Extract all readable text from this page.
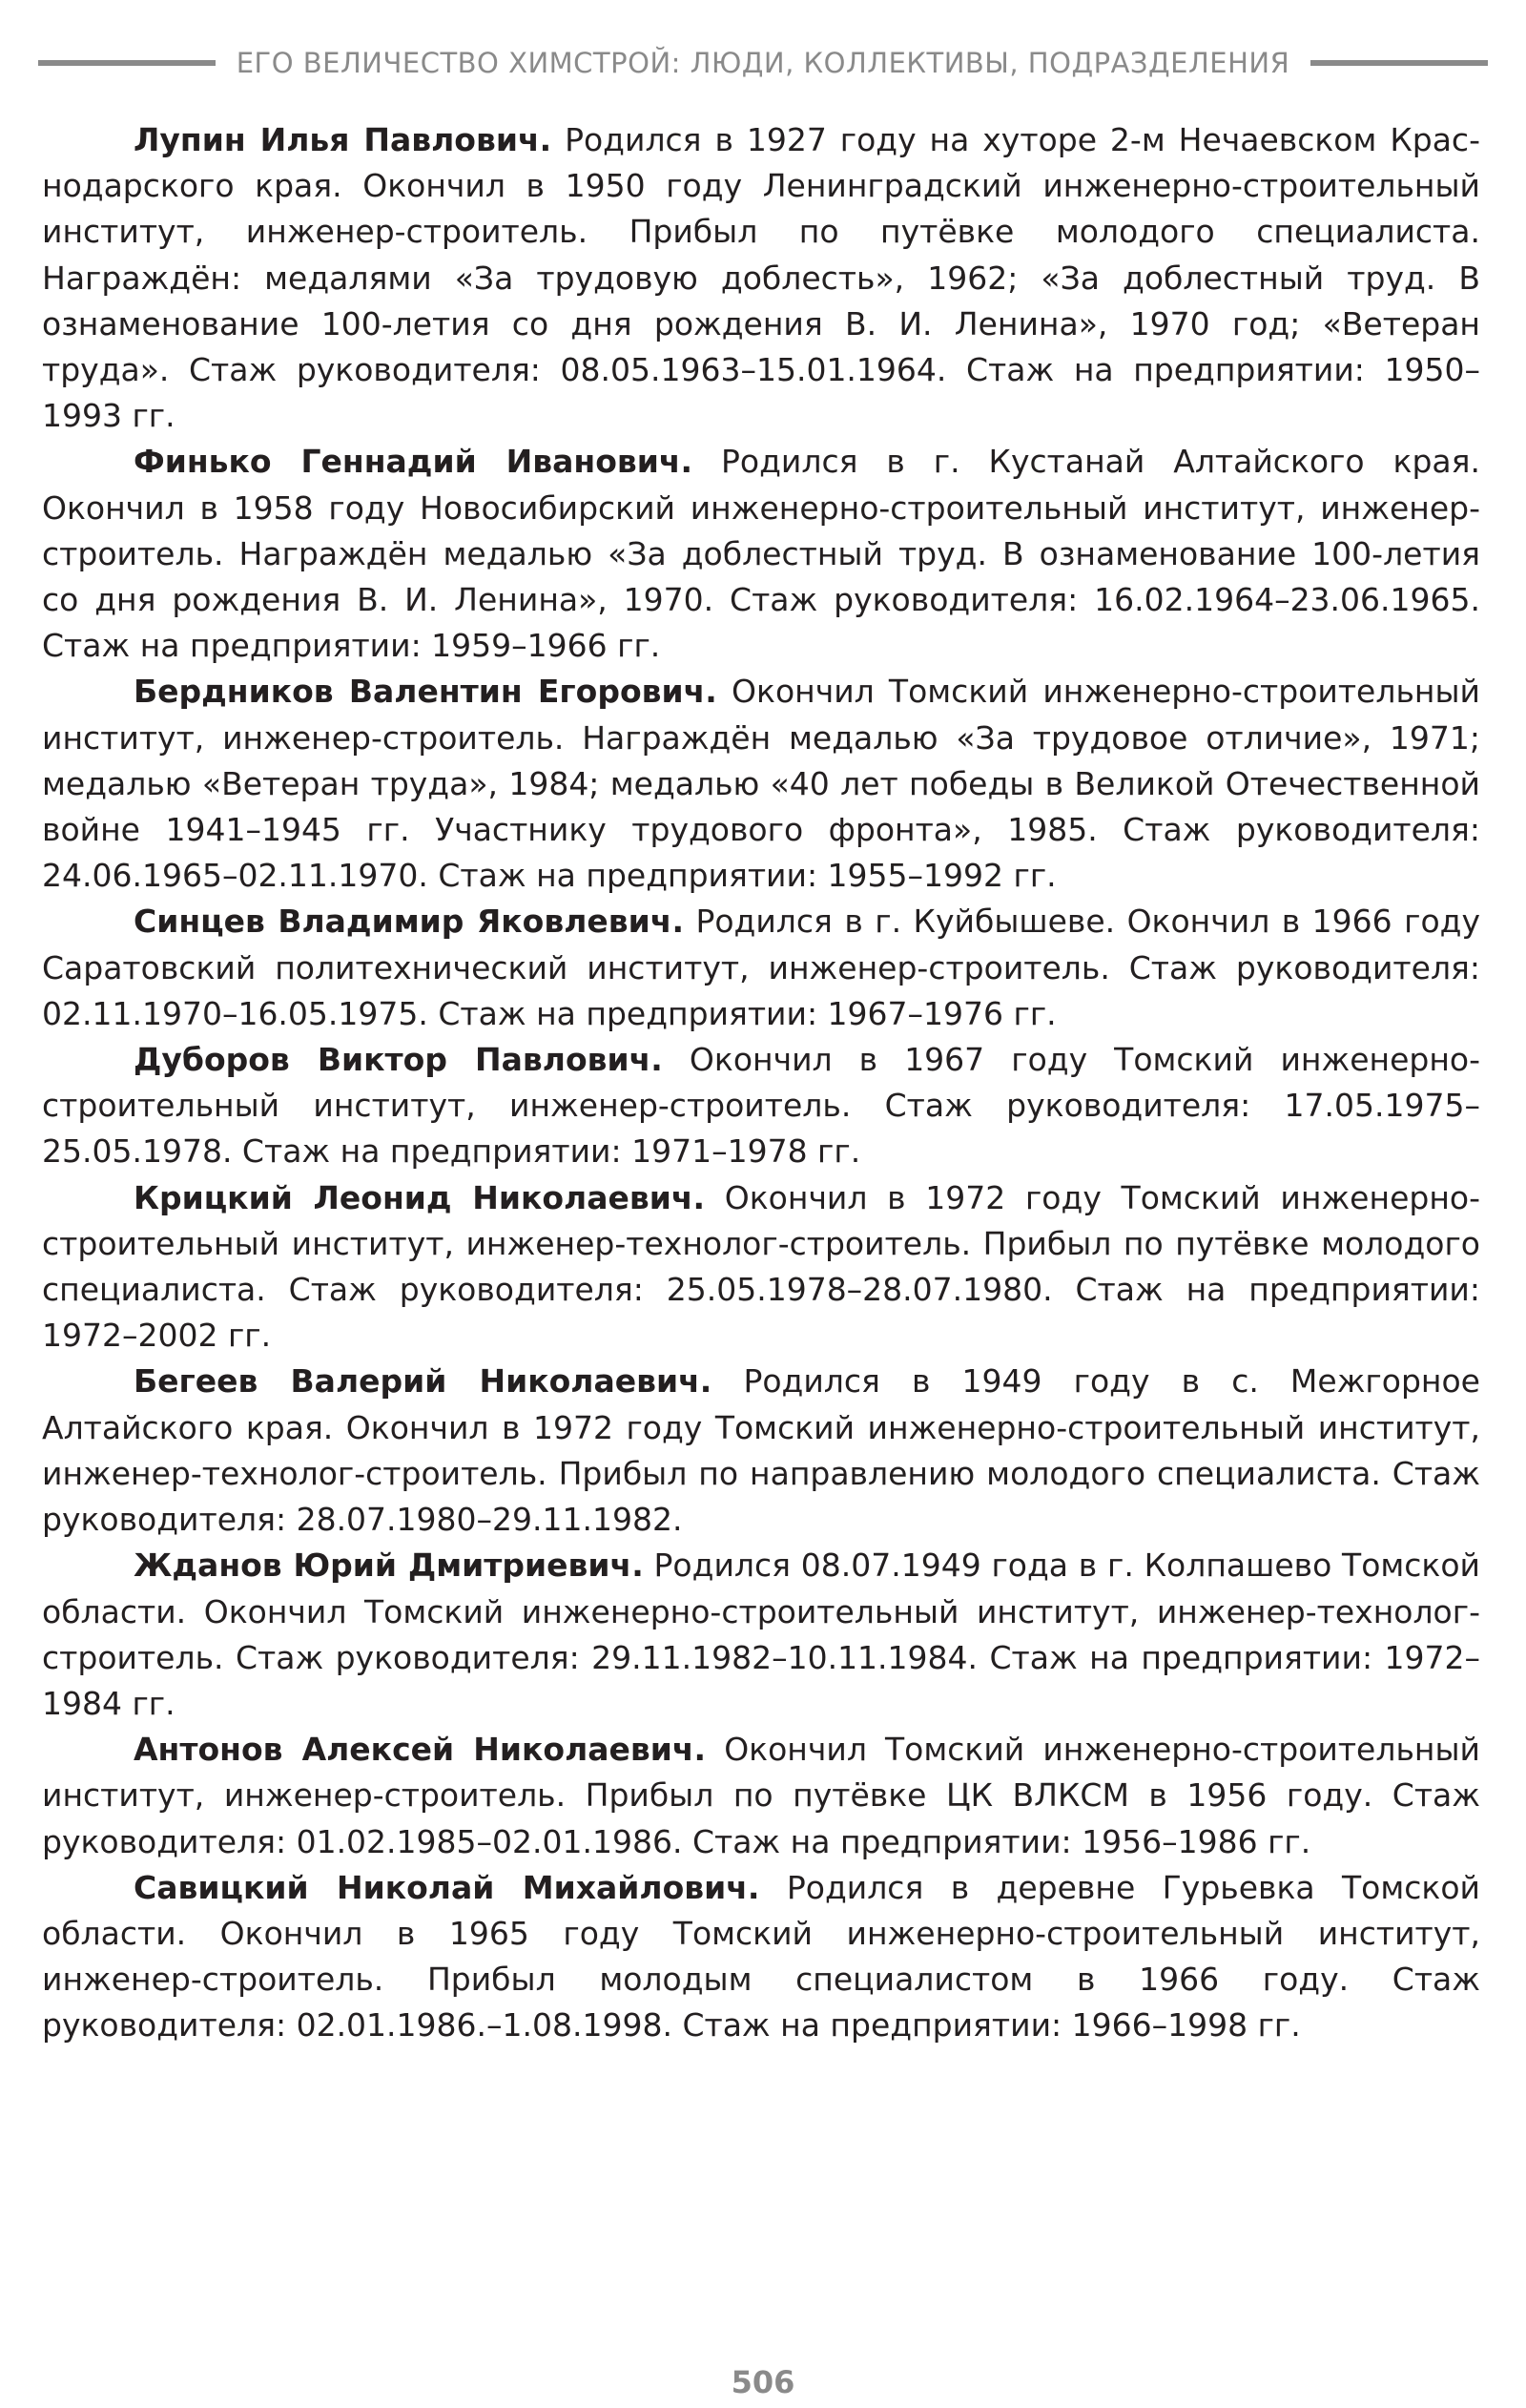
ЕГО ВЕЛИЧЕСТВО ХИМСТРОЙ: ЛЮДИ, КОЛЛЕКТИВЫ, ПОДРАЗДЕЛЕНИЯ

Лупин Илья Павлович. Родился в 1927 году на хуторе 2-м Нечаевском Краснодарского края. Окончил в 1950 году Ленинградский инженерно-строительный институт, инженер-строитель. Прибыл по путёвке молодого специалиста. Награждён: медалями «За трудовую доблесть», 1962; «За доблестный труд. В ознаменование 100-летия со дня рождения В. И. Ленина», 1970 год; «Ветеран труда». Стаж руководителя: 08.05.1963–15.01.1964. Стаж на предприятии: 1950–1993 гг.

Финько Геннадий Иванович. Родился в г. Кустанай Алтайского края. Окончил в 1958 году Новосибирский инженерно-строительный институт, инженер-строитель. Награждён медалью «За доблестный труд. В ознаменование 100-летия со дня рождения В. И. Ленина», 1970. Стаж руководителя: 16.02.1964–23.06.1965. Стаж на предприятии: 1959–1966 гг.

Бердников Валентин Егорович. Окончил Томский инженерно-строительный институт, инженер-строитель. Награждён медалью «За трудовое отличие», 1971; медалью «Ветеран труда», 1984; медалью «40 лет победы в Великой Отечественной войне 1941–1945 гг. Участнику трудового фронта», 1985. Стаж руководителя: 24.06.1965–02.11.1970. Стаж на предприятии: 1955–1992 гг.

Синцев Владимир Яковлевич. Родился в г. Куйбышеве. Окончил в 1966 году Саратовский политехнический институт, инженер-строитель. Стаж руководителя: 02.11.1970–16.05.1975. Стаж на предприятии: 1967–1976 гг.

Дуборов Виктор Павлович. Окончил в 1967 году Томский инженерно-строительный институт, инженер-строитель. Стаж руководителя: 17.05.1975–25.05.1978. Стаж на предприятии: 1971–1978 гг.

Крицкий Леонид Николаевич. Окончил в 1972 году Томский инженерно-строительный институт, инженер-технолог-строитель. Прибыл по путёвке молодого специалиста. Стаж руководителя: 25.05.1978–28.07.1980. Стаж на предприятии: 1972–2002 гг.

Бегеев Валерий Николаевич. Родился в 1949 году в с. Межгорное Алтайского края. Окончил в 1972 году Томский инженерно-строительный институт, инженер-технолог-строитель. Прибыл по направлению молодого специалиста. Стаж руководителя: 28.07.1980–29.11.1982.

Жданов Юрий Дмитриевич. Родился 08.07.1949 года в г. Колпашево Томской области. Окончил Томский инженерно-строительный институт, инженер-технолог-строитель. Стаж руководителя: 29.11.1982–10.11.1984. Стаж на предприятии: 1972–1984 гг.

Антонов Алексей Николаевич. Окончил Томский инженерно-строительный институт, инженер-строитель. Прибыл по путёвке ЦК ВЛКСМ в 1956 году. Стаж руководителя: 01.02.1985–02.01.1986. Стаж на предприятии: 1956–1986 гг.

Савицкий Николай Михайлович. Родился в деревне Гурьевка Томской области. Окончил в 1965 году Томский инженерно-строительный институт, инженер-строитель. Прибыл молодым специалистом в 1966 году. Стаж руководителя: 02.01.1986.–1.08.1998. Стаж на предприятии: 1966–1998 гг.

506
